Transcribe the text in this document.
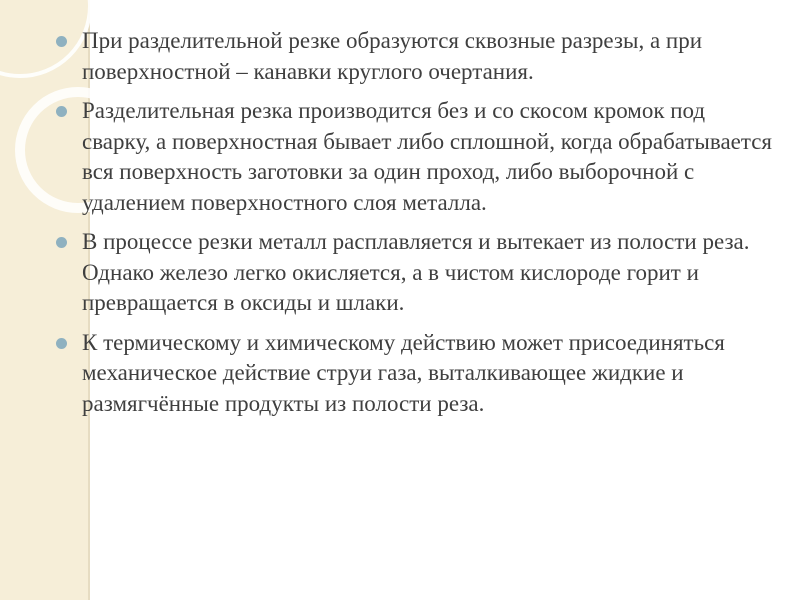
При разделительной резке образуются сквозные разрезы, а при поверхностной – канавки круглого очертания.
Разделительная резка производится без и со скосом кромок под сварку, а поверхностная бывает либо сплошной, когда обрабатывается вся поверхность заготовки за один проход, либо выборочной с удалением поверхностного слоя металла.
В процессе резки металл расплавляется и вытекает из полости реза. Однако железо легко окисляется, а в чистом кислороде горит и превращается в оксиды и шлаки.
К термическому и химическому действию может присоединяться механическое действие струи газа, выталкивающее жидкие и размягчённые продукты из полости реза.
